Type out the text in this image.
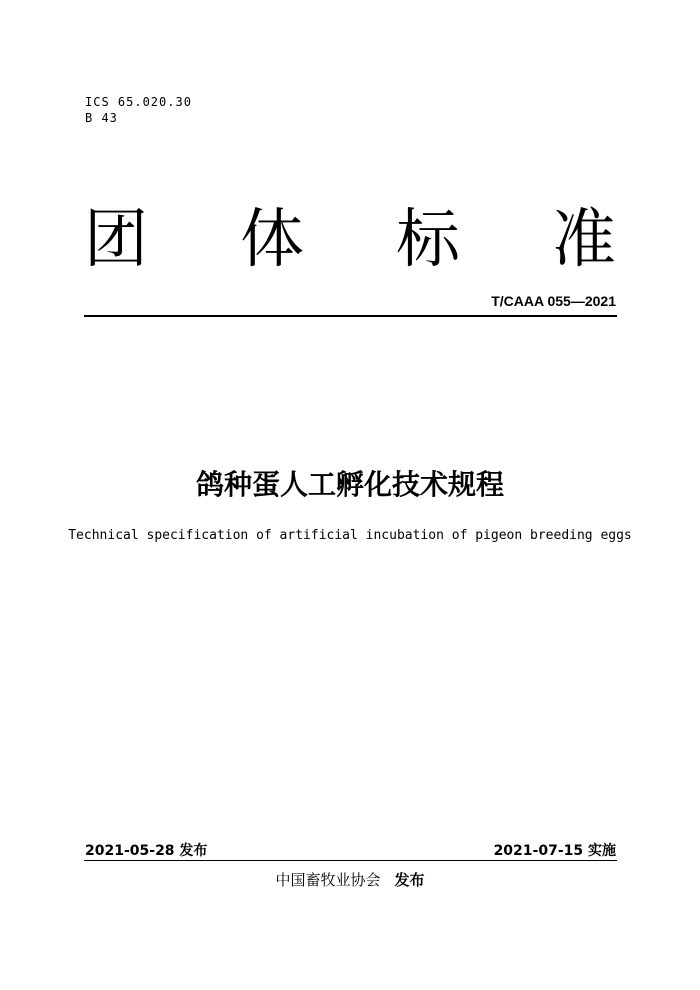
ICS 65.020.30
B 43
团 体 标 准
T/CAAA 055—2021
鸽种蛋人工孵化技术规程
Technical specification of artificial incubation of pigeon breeding eggs
2021-05-28 发布	2021-07-15 实施
中国畜牧业协会 发布
